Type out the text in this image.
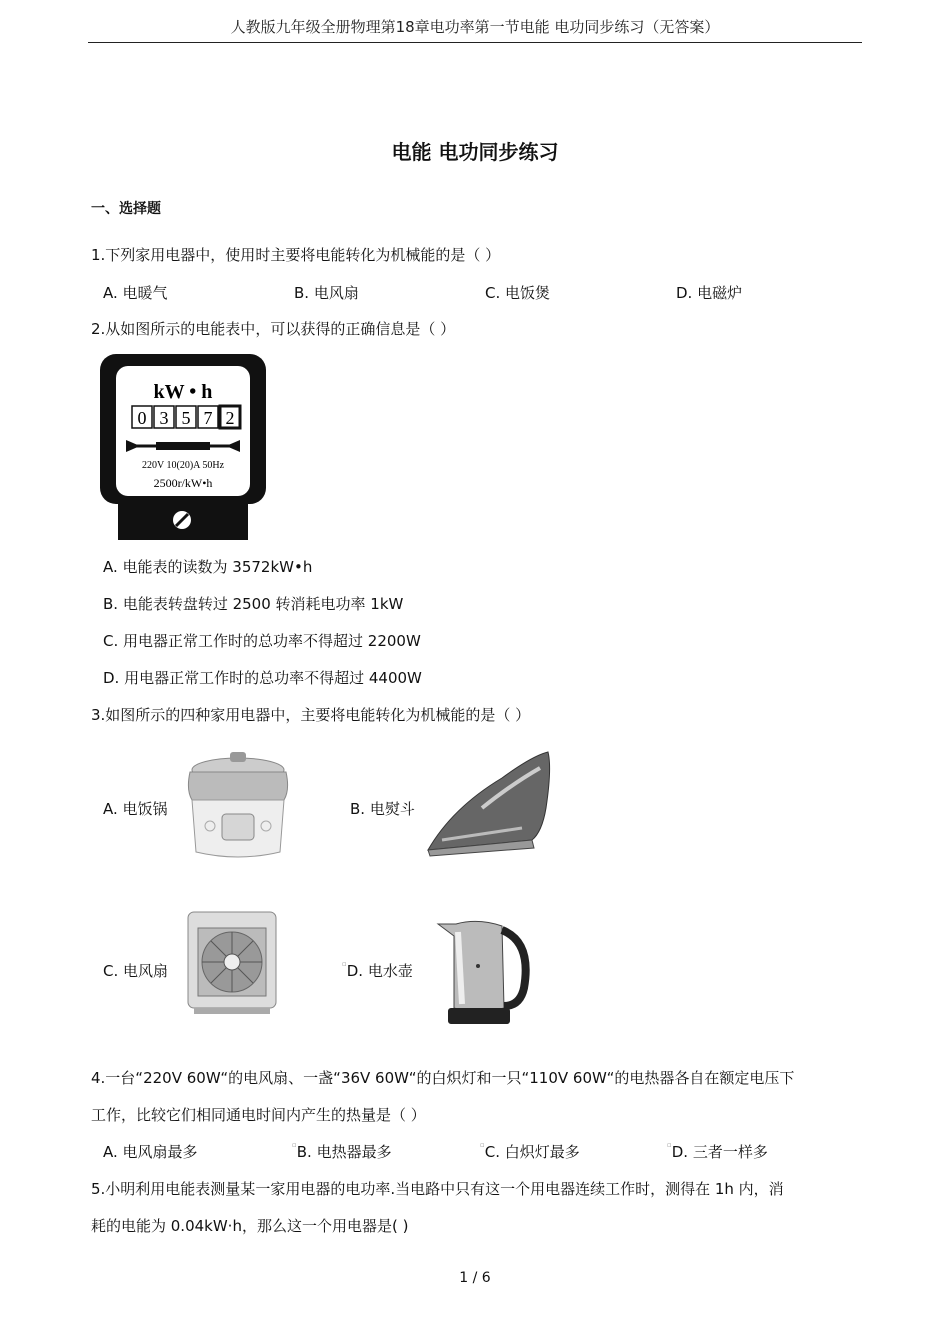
人教版九年级全册物理第18章电功率第一节电能 电功同步练习（无答案）
电能 电功同步练习
一、选择题
1.下列家用电器中，使用时主要将电能转化为机械能的是（ ）
A. 电暖气	B. 电风扇	C. 电饭煲	D. 电磁炉
2.从如图所示的电能表中，可以获得的正确信息是（ ）
kW • h
0 3 5 7 2
220V 10(20)A 50Hz
2500r/kW•h
A. 电能表的读数为 3572kW•h
B. 电能表转盘转过 2500 转消耗电功率 1kW
C. 用电器正常工作时的总功率不得超过 2200W
D. 用电器正常工作时的总功率不得超过 4400W
3.如图所示的四种家用电器中，主要将电能转化为机械能的是（ ）
A. 电饭锅	B. 电熨斗
C. 电风扇	▫D. 电水壶
4.一台“220V 60W“的电风扇、一盏“36V 60W“的白炽灯和一只“110V 60W“的电热器各自在额定电压下
工作，比较它们相同通电时间内产生的热量是（ ）
A. 电风扇最多	▫B. 电热器最多	▫C. 白炽灯最多	▫D. 三者一样多
5.小明利用电能表测量某一家用电器的电功率.当电路中只有这一个用电器连续工作时，测得在 1h 内，消
耗的电能为 0.04kW·h，那么这一个用电器是( )
1 / 6
